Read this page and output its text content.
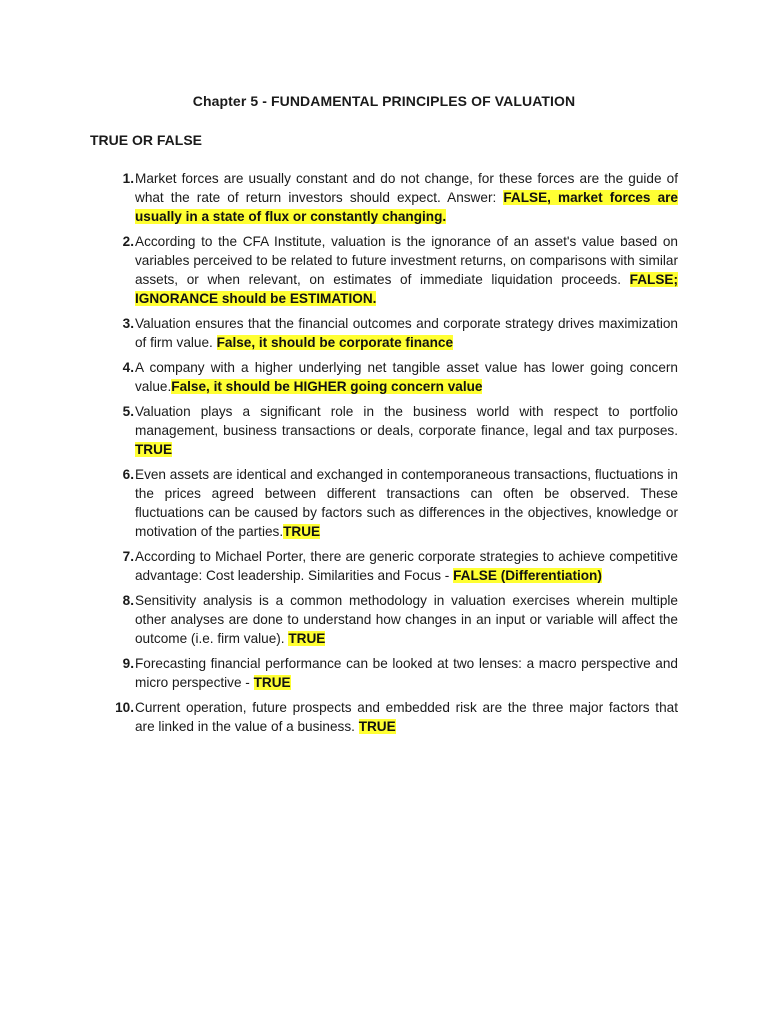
Chapter 5 - FUNDAMENTAL PRINCIPLES OF VALUATION
TRUE OR FALSE
1. Market forces are usually constant and do not change, for these forces are the guide of what the rate of return investors should expect. Answer: FALSE, market forces are usually in a state of flux or constantly changing.
2. According to the CFA Institute, valuation is the ignorance of an asset's value based on variables perceived to be related to future investment returns, on comparisons with similar assets, or when relevant, on estimates of immediate liquidation proceeds. FALSE; IGNORANCE should be ESTIMATION.
3. Valuation ensures that the financial outcomes and corporate strategy drives maximization of firm value. False, it should be corporate finance
4. A company with a higher underlying net tangible asset value has lower going concern value.False, it should be HIGHER going concern value
5. Valuation plays a significant role in the business world with respect to portfolio management, business transactions or deals, corporate finance, legal and tax purposes. TRUE
6. Even assets are identical and exchanged in contemporaneous transactions, fluctuations in the prices agreed between different transactions can often be observed. These fluctuations can be caused by factors such as differences in the objectives, knowledge or motivation of the parties.TRUE
7. According to Michael Porter, there are generic corporate strategies to achieve competitive advantage: Cost leadership. Similarities and Focus - FALSE (Differentiation)
8. Sensitivity analysis is a common methodology in valuation exercises wherein multiple other analyses are done to understand how changes in an input or variable will affect the outcome (i.e. firm value). TRUE
9. Forecasting financial performance can be looked at two lenses: a macro perspective and micro perspective - TRUE
10. Current operation, future prospects and embedded risk are the three major factors that are linked in the value of a business. TRUE
